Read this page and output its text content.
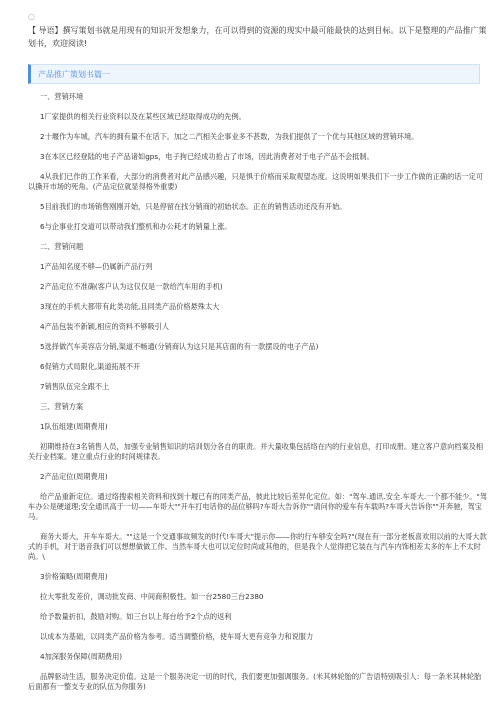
○
【 导语】撰写策划书就是用现有的知识开发想象力，在可以得到的资源的现实中最可能最快的达到目标。以下是整理的产品推广策划书，欢迎阅读!
产品推广策划书篇一

一、营销环境

1厂家提供的相关行业资料以及在某些区域已经取得成功的先例。

2十堰作为车城，汽车的拥有量不在话下。加之二汽相关企事业多不甚数，为我们提供了一个优与其他区域的营销环境。

3在本区已经登陆的电子产品诸如gps，电子狗已经成功抢占了市场，因此消费者对于电子产品不会抵制。

4从我们已作的工作来看，大部分的消费者对此产品感兴趣，只是惧于价格而采取观望态度。这说明如果我们下一步工作做的正确的话一定可以撕开市场的死角。(产品定位就显得格外重要)

5目前我们的市场销售刚刚开始，只是停留在找分销商的初始状态。正在的销售活动还没有开始。

6与企事业打交道可以带动我们整机和办公耗才的销量上涨。

二、营销问题

1产品知名度不够—仍属新产品行列

2产品定位不准确(客户认为这仅仅是一款给汽车用的手机)

3现在的手机大都带有此类功能,且同类产品价格悬殊太大

4产品包装不新颖,相应的资料不够吸引人

5选择做汽车美容店分销,渠道不畅通(分销商认为这只是其店面的有一款摆设的电子产品)

6促销方式局限化,渠道拓展不开

7销售队伍完全跟不上

三、营销方案

1队伍组建(周期费用)

初期维持在3名销售人员，加强专业销售知识的培训划分各自的职责。并大量收集包括络在内的行业信息，打印成册。建立客户意向档案及相关行业档案。建立重点行业的时间规律表。

2产品定位(周期费用)

给产品重新定位。通过络搜索相关资料和找到十堰已有的同类产品，彼此比较后差异化定位。如："驾车.通讯.安全.车哥大.一个都不能少。"驾车办公是硬道理;安全通讯高于一切——车哥大""开车打电话你的品位够吗?车哥大告诉你""请问你的爱车有车载吗?车哥大告诉你""开奔驰，驾宝马。

商务大哥大，开车车哥大。""这是一个交通事故频发的时代!车哥大"提示你——你的行车够安全吗?"(现在有一部分老板喜欢用以前的大哥大款式的手机，对于谐音我们可以想想做做工作。当然车哥大也可以定位时尚或其他的，但是我个人觉得把它装在与汽车内饰相差太多的车上不太时尚。\

3价格策略(周期费用)

拉大零批发差价，调动批发商、中间商积极性。如一台2580三台2380

给予数量折扣，鼓励对购。如三台以上每台给予2个点的返利

以成本为基础，以同类产品价格为参考。适当调整价格，使车哥大更有竞争力和说服力

4加深服务保障(周期费用)

品牌驱动生活，服务决定价值。这是一个服务决定一切的时代，我们要更加强调服务。(米其林轮胎的广告语特别吸引人：每一条米其林轮胎后面都有一整支专业的队伍为你服务)
